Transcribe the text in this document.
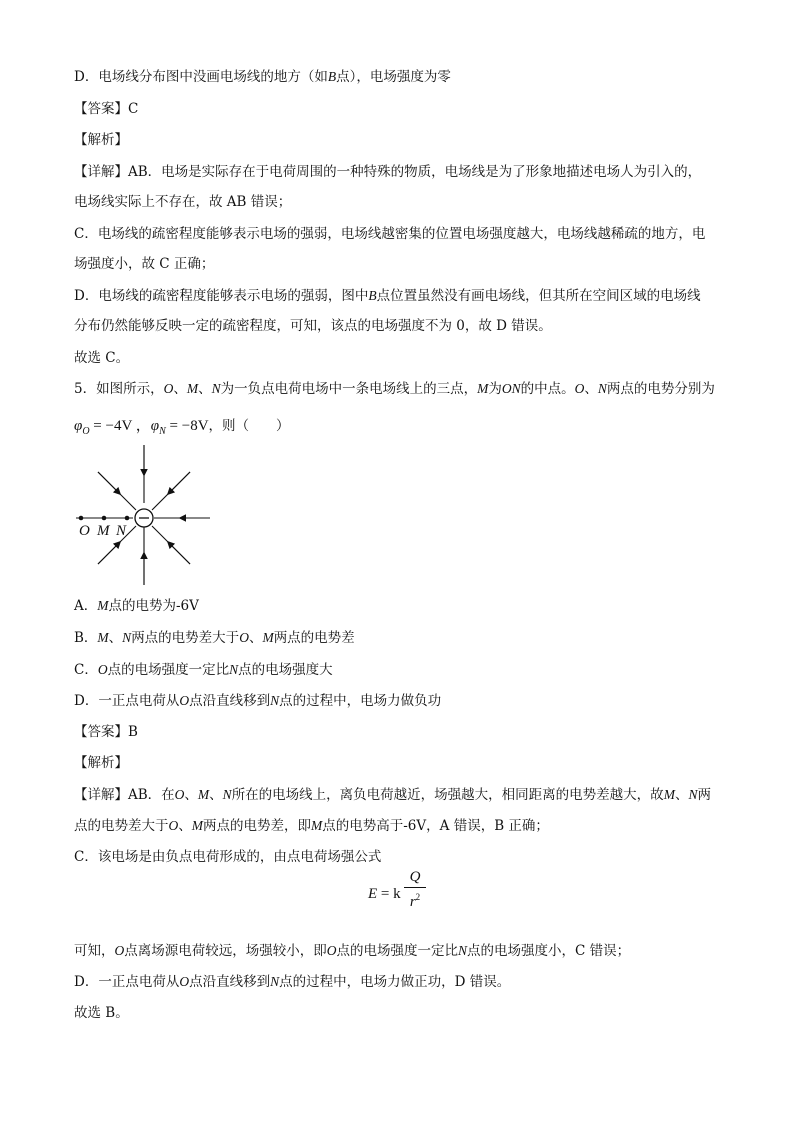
D．电场线分布图中没画电场线的地方（如B点），电场强度为零
【答案】C
【解析】
【详解】AB．电场是实际存在于电荷周围的一种特殊的物质，电场线是为了形象地描述电场人为引入的，
电场线实际上不存在，故 AB 错误；
C．电场线的疏密程度能够表示电场的强弱，电场线越密集的位置电场强度越大，电场线越稀疏的地方，电
场强度小，故 C 正确；
D．电场线的疏密程度能够表示电场的强弱，图中B点位置虽然没有画电场线，但其所在空间区域的电场线
分布仍然能够反映一定的疏密程度，可知，该点的电场强度不为 0，故 D 错误。
故选 C。
5．如图所示，O、M、N为一负点电荷电场中一条电场线上的三点，M为ON的中点。O、N两点的电势分别为
$\varphi_O = -4V$ ，$\varphi_N = -8V$，则（　　）
O M N
A．M点的电势为-6V
B．M、N两点的电势差大于O、M两点的电势差
C．O点的电场强度一定比N点的电场强度大
D．一正点电荷从O点沿直线移到N点的过程中，电场力做负功
【答案】B
【解析】
【详解】AB．在O、M、N所在的电场线上，离负电荷越近，场强越大，相同距离的电势差越大，故M、N两
点的电势差大于O、M两点的电势差，即M点的电势高于-6V，A 错误，B 正确；
C．该电场是由负点电荷形成的，由点电荷场强公式
E = k
Q
$r^2$
可知，O点离场源电荷较远，场强较小，即O点的电场强度一定比N点的电场强度小，C 错误；
D．一正点电荷从O点沿直线移到N点的过程中，电场力做正功，D 错误。
故选 B。
